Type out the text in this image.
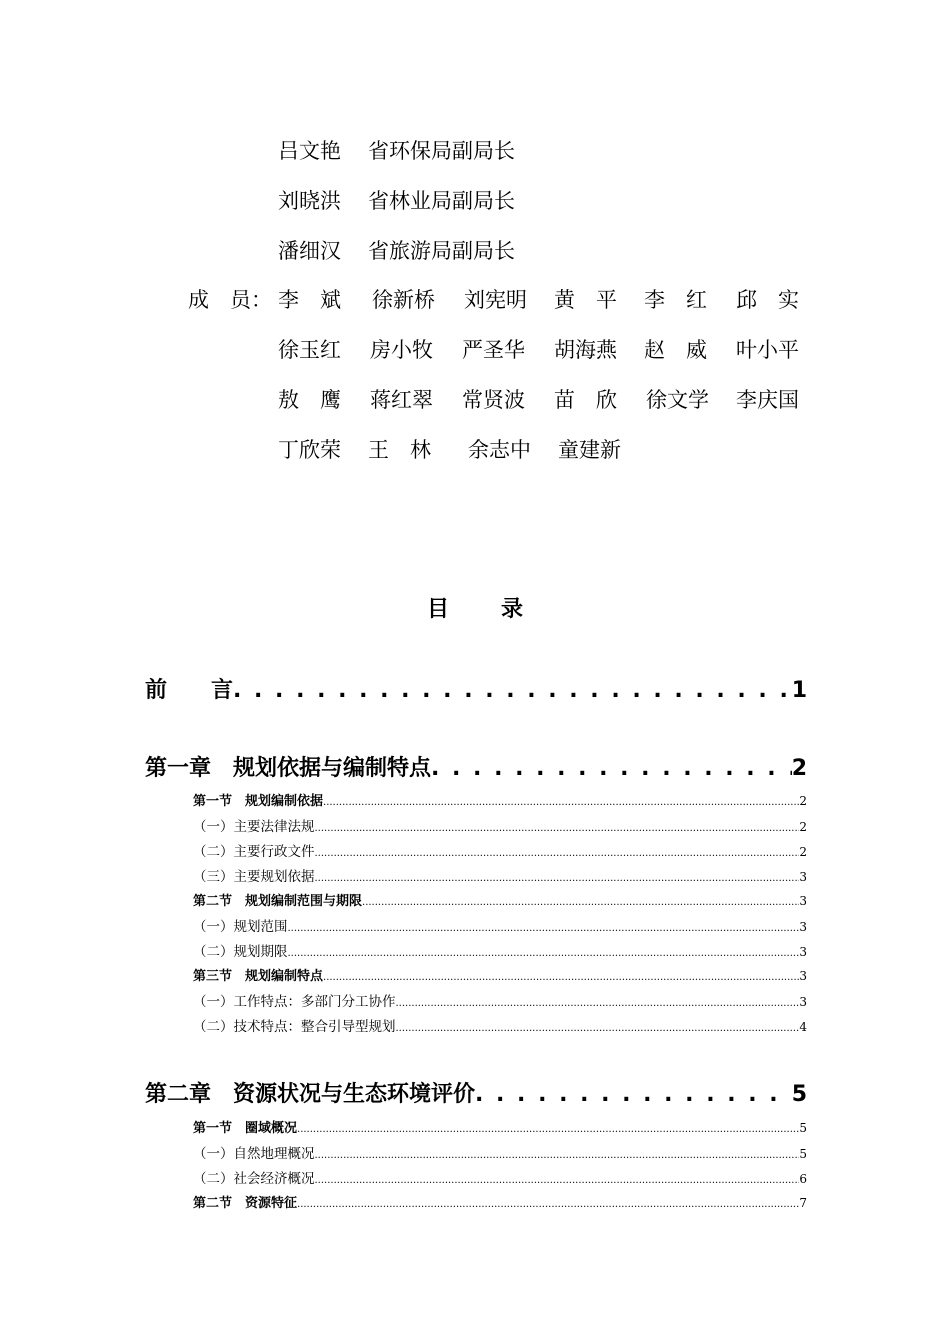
吕文艳 省环保局副局长
刘晓洪 省林业局副局长
潘细汉 省旅游局副局长
成　员： 李　斌 徐新桥 刘宪明 黄　平 李　红 邱　实
徐玉红 房小牧 严圣华 胡海燕 赵　威 叶小平
敖　鹰 蒋红翠 常贤波 苗　欣 徐文学 李庆国
丁欣荣 王　林 余志中 童建新
目 录
前　　言 . . .	1
第一章　规划依据与编制特点 . . .	2
第一节　规划编制依据 .....	2
（一）主要法律法规 .....	2
（二）主要行政文件 .....	2
（三）主要规划依据 .....	3
第二节　规划编制范围与期限 .....	3
（一）规划范围 .....	3
（二）规划期限 .....	3
第三节　规划编制特点 .....	3
（一）工作特点：多部门分工协作 .....	3
（二）技术特点：整合引导型规划 .....	4
第二章　资源状况与生态环境评价 . . .	5
第一节　圈域概况 .....	5
（一）自然地理概况 .....	5
（二）社会经济概况 .....	6
第二节　资源特征 .....	7
